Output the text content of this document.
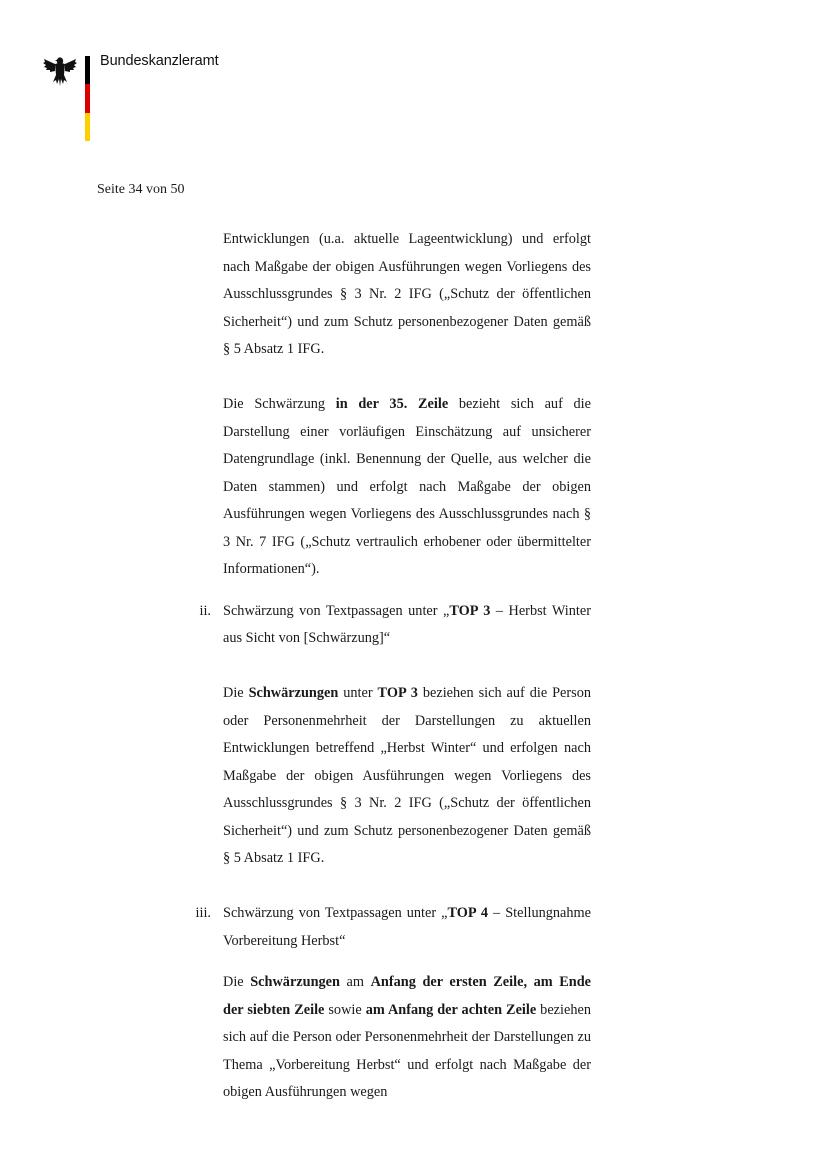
Bundeskanzleramt
Seite 34 von 50

Entwicklungen (u.a. aktuelle Lageentwicklung) und erfolgt nach Maßgabe der obigen Ausführungen wegen Vorliegens des Ausschlussgrundes § 3 Nr. 2 IFG („Schutz der öffentlichen Sicherheit“) und zum Schutz personenbezogener Daten gemäß § 5 Absatz 1 IFG.

Die Schwärzung in der 35. Zeile bezieht sich auf die Darstellung einer vorläufigen Einschätzung auf unsicherer Datengrundlage (inkl. Benennung der Quelle, aus welcher die Daten stammen) und erfolgt nach Maßgabe der obigen Ausführungen wegen Vorliegens des Ausschlussgrundes nach § 3 Nr. 7 IFG („Schutz vertraulich erhobener oder übermittelter Informationen“).

ii. Schwärzung von Textpassagen unter „TOP 3 – Herbst Winter aus Sicht von [Schwärzung]“

Die Schwärzungen unter TOP 3 beziehen sich auf die Person oder Personenmehrheit der Darstellungen zu aktuellen Entwicklungen betreffend „Herbst Winter“ und erfolgen nach Maßgabe der obigen Ausführungen wegen Vorliegens des Ausschlussgrundes § 3 Nr. 2 IFG („Schutz der öffentlichen Sicherheit“) und zum Schutz personenbezogener Daten gemäß § 5 Absatz 1 IFG.

iii. Schwärzung von Textpassagen unter „TOP 4 – Stellungnahme Vorbereitung Herbst“

Die Schwärzungen am Anfang der ersten Zeile, am Ende der siebten Zeile sowie am Anfang der achten Zeile beziehen sich auf die Person oder Personenmehrheit der Darstellungen zu Thema „Vorbereitung Herbst“ und erfolgt nach Maßgabe der obigen Ausführungen wegen
